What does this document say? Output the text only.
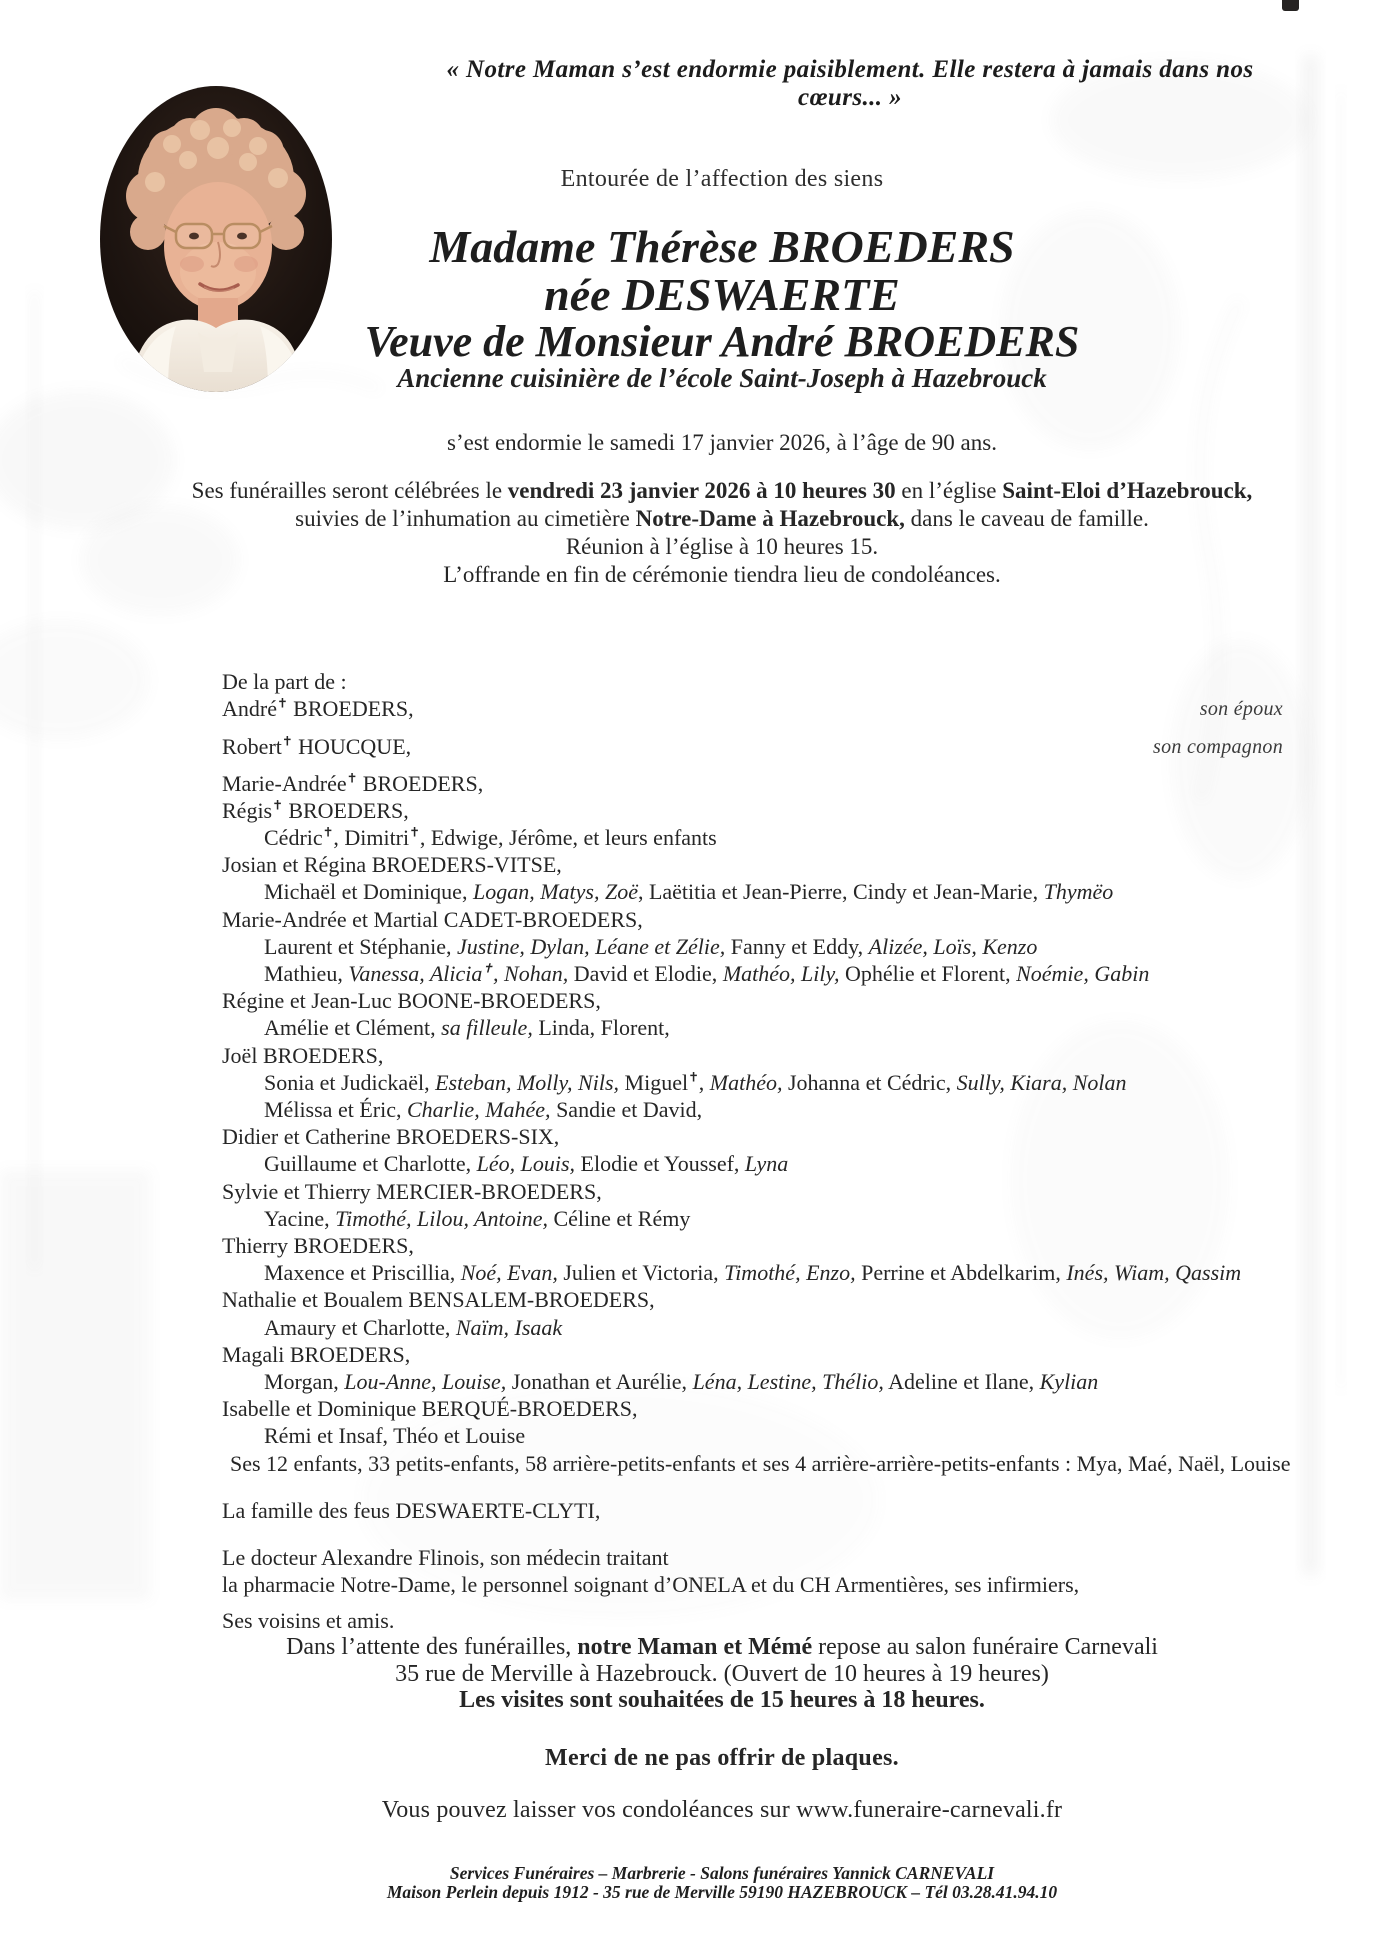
« Notre Maman s’est endormie paisiblement. Elle restera à jamais dans nos cœurs... »
Entourée de l’affection des siens
Madame Thérèse BROEDERS
née DESWAERTE
Veuve de Monsieur André BROEDERS
Ancienne cuisinière de l’école Saint-Joseph à Hazebrouck
s’est endormie le samedi 17 janvier 2026, à l’âge de 90 ans.
Ses funérailles seront célébrées le vendredi 23 janvier 2026 à 10 heures 30 en l’église Saint-Eloi d’Hazebrouck,
suivies de l’inhumation au cimetière Notre-Dame à Hazebrouck, dans le caveau de famille.
Réunion à l’église à 10 heures 15.
L’offrande en fin de cérémonie tiendra lieu de condoléances.
De la part de :
André✝ BROEDERS,	son époux
Robert✝ HOUCQUE,	son compagnon
Marie-Andrée✝ BROEDERS,
Régis✝ BROEDERS,
Cédric✝, Dimitri✝, Edwige, Jérôme, et leurs enfants
Josian et Régina BROEDERS-VITSE,
Michaël et Dominique, Logan, Matys, Zoë, Laëtitia et Jean-Pierre, Cindy et Jean-Marie, Thymëo
Marie-Andrée et Martial CADET-BROEDERS,
Laurent et Stéphanie, Justine, Dylan, Léane et Zélie, Fanny et Eddy, Alizée, Loïs, Kenzo
Mathieu, Vanessa, Alicia✝, Nohan, David et Elodie, Mathéo, Lily, Ophélie et Florent, Noémie, Gabin
Régine et Jean-Luc BOONE-BROEDERS,
Amélie et Clément, sa filleule, Linda, Florent,
Joël BROEDERS,
Sonia et Judickaël, Esteban, Molly, Nils, Miguel✝, Mathéo, Johanna et Cédric, Sully, Kiara, Nolan
Mélissa et Éric, Charlie, Mahée, Sandie et David,
Didier et Catherine BROEDERS-SIX,
Guillaume et Charlotte, Léo, Louis, Elodie et Youssef, Lyna
Sylvie et Thierry MERCIER-BROEDERS,
Yacine, Timothé, Lilou, Antoine, Céline et Rémy
Thierry BROEDERS,
Maxence et Priscillia, Noé, Evan, Julien et Victoria, Timothé, Enzo, Perrine et Abdelkarim, Inés, Wiam, Qassim
Nathalie et Boualem BENSALEM-BROEDERS,
Amaury et Charlotte, Naïm, Isaak
Magali BROEDERS,
Morgan, Lou-Anne, Louise, Jonathan et Aurélie, Léna, Lestine, Thélio, Adeline et Ilane, Kylian
Isabelle et Dominique BERQUÉ-BROEDERS,
Rémi et Insaf, Théo et Louise
Ses 12 enfants, 33 petits-enfants, 58 arrière-petits-enfants et ses 4 arrière-arrière-petits-enfants : Mya, Maé, Naël, Louise
La famille des feus DESWAERTE-CLYTI,
Le docteur Alexandre Flinois, son médecin traitant
la pharmacie Notre-Dame, le personnel soignant d’ONELA et du CH Armentières, ses infirmiers,
Ses voisins et amis.
Dans l’attente des funérailles, notre Maman et Mémé repose au salon funéraire Carnevali
35 rue de Merville à Hazebrouck. (Ouvert de 10 heures à 19 heures)
Les visites sont souhaitées de 15 heures à 18 heures.
Merci de ne pas offrir de plaques.
Vous pouvez laisser vos condoléances sur www.funeraire-carnevali.fr
Services Funéraires – Marbrerie - Salons funéraires Yannick CARNEVALI
Maison Perlein depuis 1912 - 35 rue de Merville 59190 HAZEBROUCK – Tél 03.28.41.94.10
